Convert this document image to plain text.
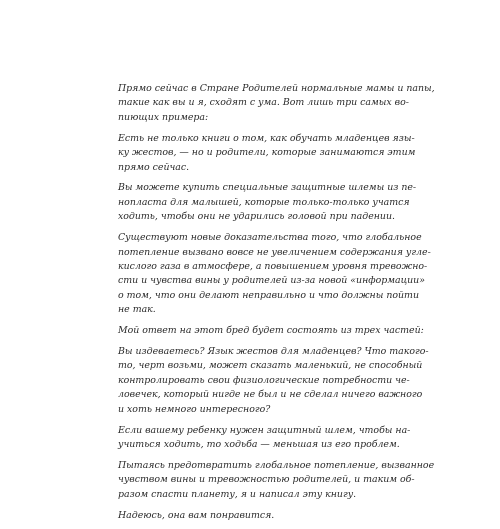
Прямо сейчас в Стране Родителей нормальные мамы и папы,
такие как вы и я, сходят с ума. Вот лишь три самых во-
пиющих примера:

Есть не только книги о том, как обучать младенцев язы-
ку жестов, — но и родители, которые занимаются этим
прямо сейчас.

Вы можете купить специальные защитные шлемы из пе-
нопласта для малышей, которые только-только учатся
ходить, чтобы они не ударились головой при падении.

Существуют новые доказательства того, что глобальное
потепление вызвано вовсе не увеличением содержания угле-
кислого газа в атмосфере, а повышением уровня тревожно-
сти и чувства вины у родителей из-за новой «информации»
о том, что они делают неправильно и что должны пойти
не так.

Мой ответ на этот бред будет состоять из трех частей:

Вы издеваетесь? Язык жестов для младенцев? Что такого-
то, черт возьми, может сказать маленький, не способный
контролировать свои физиологические потребности че-
ловечек, который нигде не был и не сделал ничего важного
и хоть немного интересного?

Если вашему ребенку нужен защитный шлем, чтобы на-
учиться ходить, то ходьба — меньшая из его проблем.

Пытаясь предотвратить глобальное потепление, вызванное
чувством вины и тревожностью родителей, и таким об-
разом спасти планету, я и написал эту книгу.

Надеюсь, она вам понравится.
